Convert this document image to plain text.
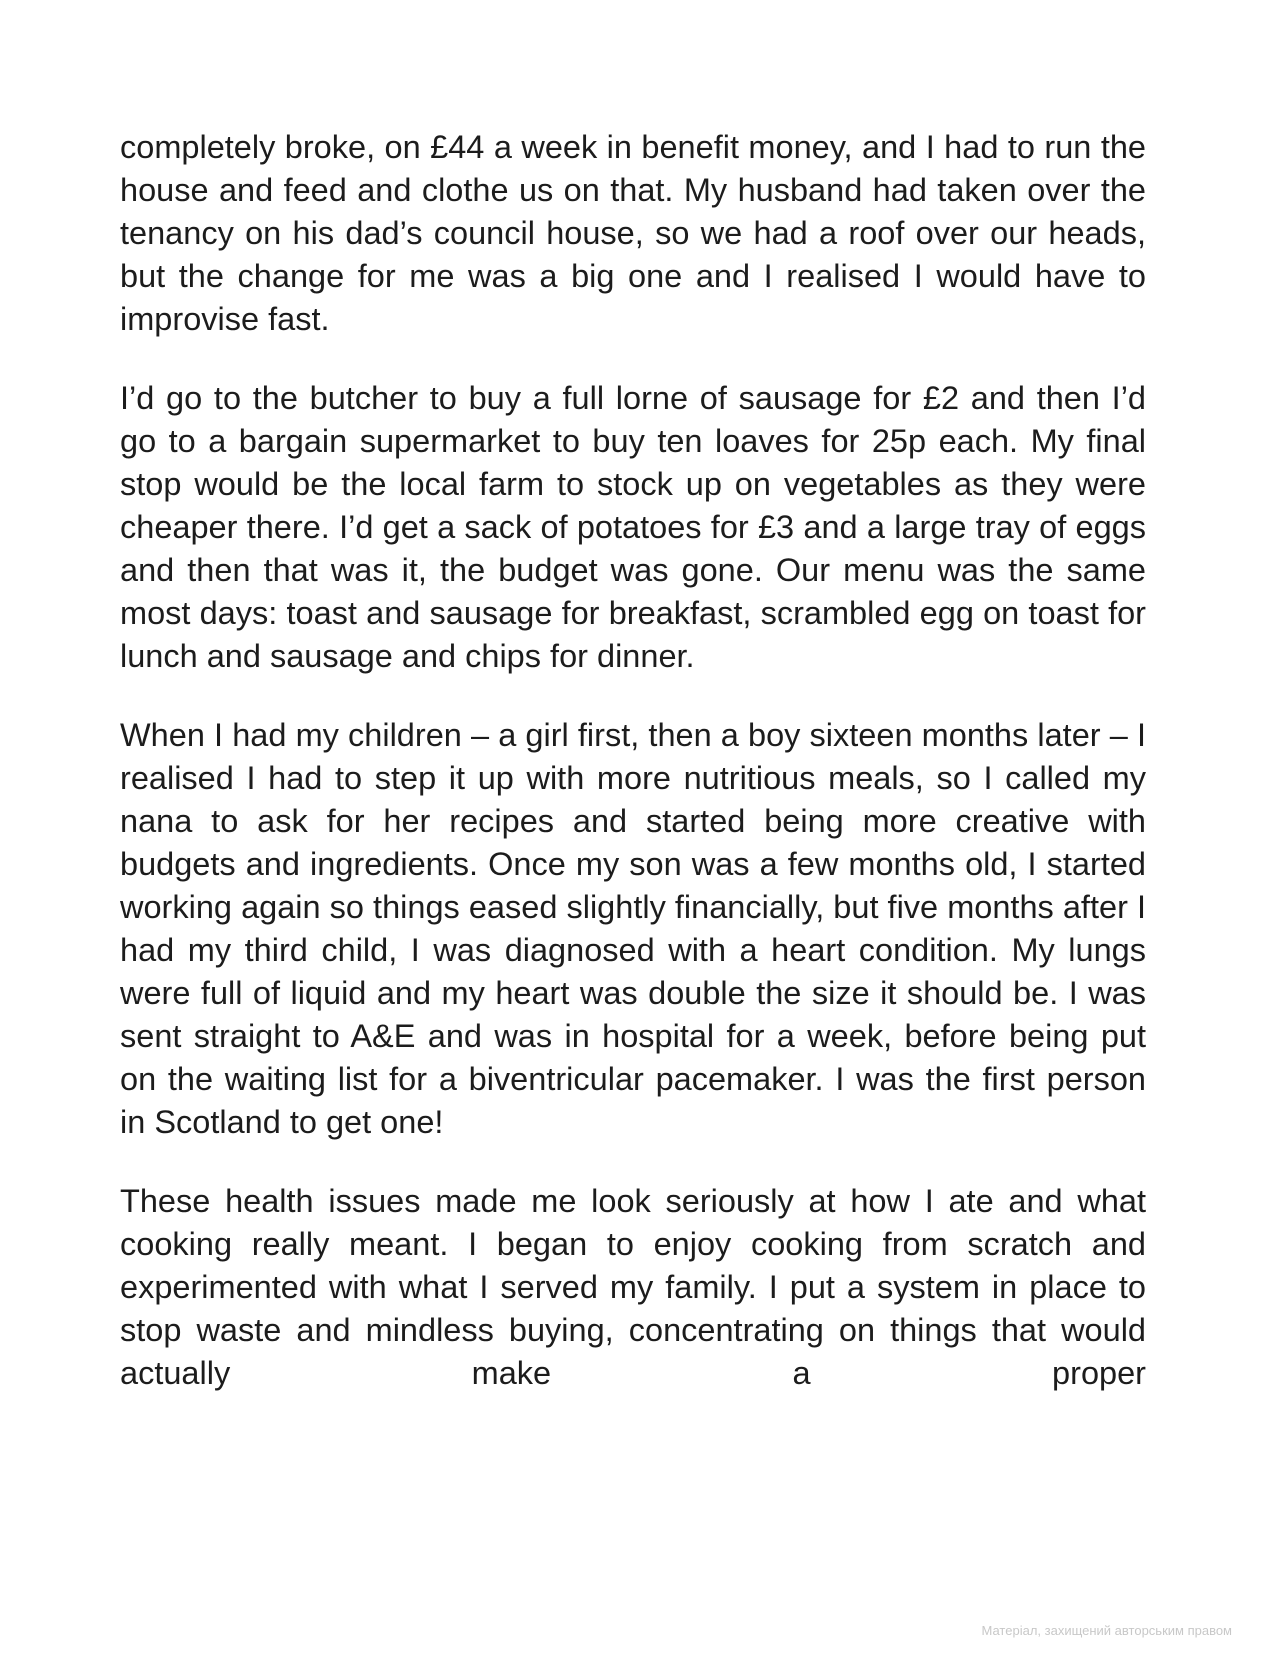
completely broke, on £44 a week in benefit money, and I had to run the house and feed and clothe us on that. My husband had taken over the tenancy on his dad’s council house, so we had a roof over our heads, but the change for me was a big one and I realised I would have to improvise fast.

I’d go to the butcher to buy a full lorne of sausage for £2 and then I’d go to a bargain supermarket to buy ten loaves for 25p each. My final stop would be the local farm to stock up on vegetables as they were cheaper there. I’d get a sack of potatoes for £3 and a large tray of eggs and then that was it, the budget was gone. Our menu was the same most days: toast and sausage for breakfast, scrambled egg on toast for lunch and sausage and chips for dinner.

When I had my children – a girl first, then a boy sixteen months later – I realised I had to step it up with more nutritious meals, so I called my nana to ask for her recipes and started being more creative with budgets and ingredients. Once my son was a few months old, I started working again so things eased slightly financially, but five months after I had my third child, I was diagnosed with a heart condition. My lungs were full of liquid and my heart was double the size it should be. I was sent straight to A&E and was in hospital for a week, before being put on the waiting list for a biventricular pacemaker. I was the first person in Scotland to get one!

These health issues made me look seriously at how I ate and what cooking really meant. I began to enjoy cooking from scratch and experimented with what I served my family. I put a system in place to stop waste and mindless buying, concentrating on things that would actually make a proper

Матеріал, захищений авторським правом
